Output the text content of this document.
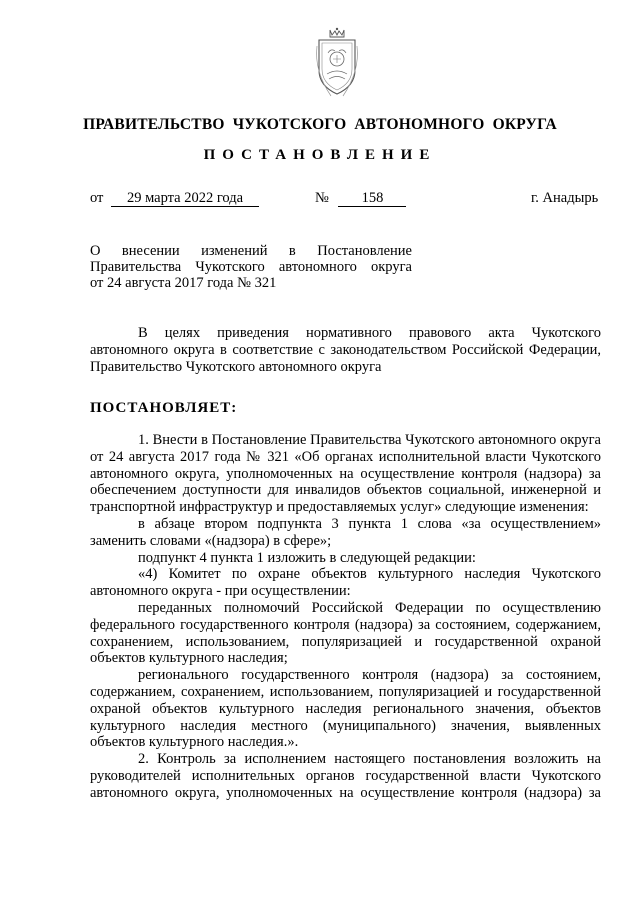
ПРАВИТЕЛЬСТВО ЧУКОТСКОГО АВТОНОМНОГО ОКРУГА
ПОСТАНОВЛЕНИЕ
от 29 марта 2022 года	№ 158	г. Анадырь
О внесении изменений в Постановление
Правительства Чукотского автономного округа
от 24 августа 2017 года № 321

В целях приведения нормативного правового акта Чукотского автономного округа в соответствие с законодательством Российской Федерации, Правительство Чукотского автономного округа

ПОСТАНОВЛЯЕТ:

1. Внести в Постановление Правительства Чукотского автономного округа от 24 августа 2017 года № 321 «Об органах исполнительной власти Чукотского автономного округа, уполномоченных на осуществление контроля (надзора) за обеспечением доступности для инвалидов объектов социальной, инженерной и транспортной инфраструктур и предоставляемых услуг» следующие изменения:

в абзаце втором подпункта 3 пункта 1 слова «за осуществлением» заменить словами «(надзора) в сфере»;

подпункт 4 пункта 1 изложить в следующей редакции:

«4) Комитет по охране объектов культурного наследия Чукотского автономного округа - при осуществлении:

переданных полномочий Российской Федерации по осуществлению федерального государственного контроля (надзора) за состоянием, содержанием, сохранением, использованием, популяризацией и государственной охраной объектов культурного наследия;

регионального государственного контроля (надзора) за состоянием, содержанием, сохранением, использованием, популяризацией и государственной охраной объектов культурного наследия регионального значения, объектов культурного наследия местного (муниципального) значения, выявленных объектов культурного наследия.».

2. Контроль за исполнением настоящего постановления возложить на руководителей исполнительных органов государственной власти Чукотского автономного округа, уполномоченных на осуществление контроля (надзора) за
